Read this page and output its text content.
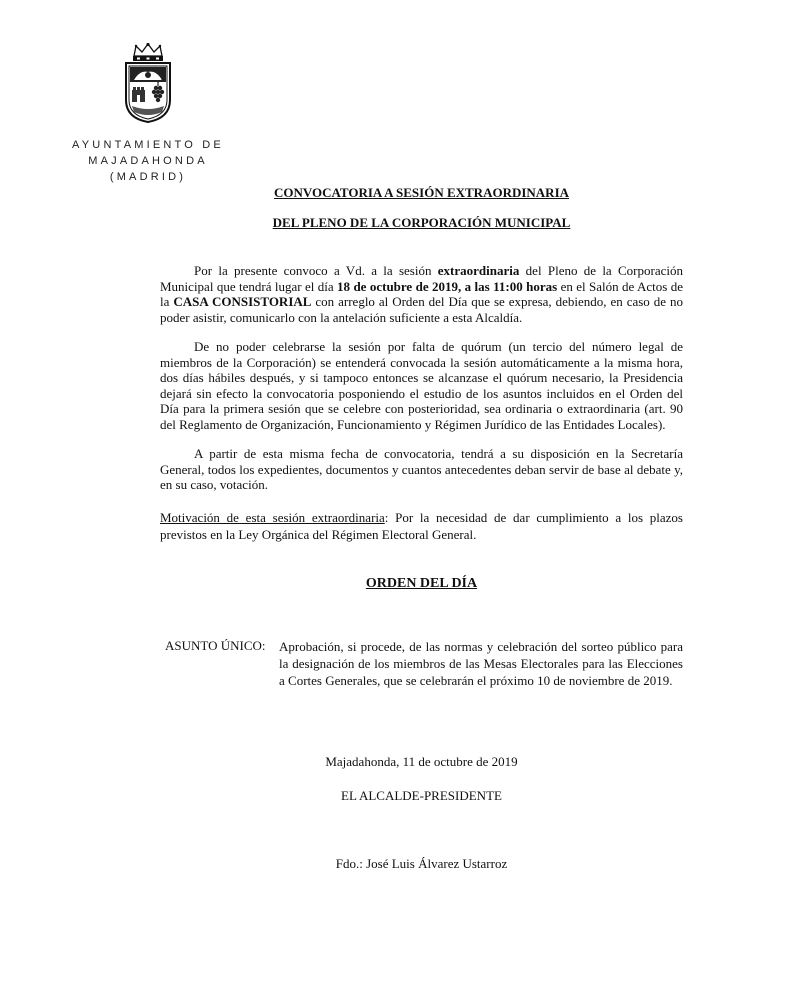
AYUNTAMIENTO DE
MAJADAHONDA
(MADRID)
CONVOCATORIA A SESIÓN EXTRAORDINARIA
DEL PLENO DE LA CORPORACIÓN MUNICIPAL
Por la presente convoco a Vd. a la sesión extraordinaria del Pleno de la Corporación Municipal que tendrá lugar el día 18 de octubre de 2019, a las 11:00 horas en el Salón de Actos de la CASA CONSISTORIAL con arreglo al Orden del Día que se expresa, debiendo, en caso de no poder asistir, comunicarlo con la antelación suficiente a esta Alcaldía.
De no poder celebrarse la sesión por falta de quórum (un tercio del número legal de miembros de la Corporación) se entenderá convocada la sesión automáticamente a la misma hora, dos días hábiles después, y si tampoco entonces se alcanzase el quórum necesario, la Presidencia dejará sin efecto la convocatoria posponiendo el estudio de los asuntos incluidos en el Orden del Día para la primera sesión que se celebre con posterioridad, sea ordinaria o extraordinaria (art. 90 del Reglamento de Organización, Funcionamiento y Régimen Jurídico de las Entidades Locales).
A partir de esta misma fecha de convocatoria, tendrá a su disposición en la Secretaría General, todos los expedientes, documentos y cuantos antecedentes deban servir de base al debate y, en su caso, votación.
Motivación de esta sesión extraordinaria: Por la necesidad de dar cumplimiento a los plazos previstos en la Ley Orgánica del Régimen Electoral General.
ORDEN DEL DÍA
ASUNTO ÚNICO: Aprobación, si procede, de las normas y celebración del sorteo público para la designación de los miembros de las Mesas Electorales para las Elecciones a Cortes Generales, que se celebrarán el próximo 10 de noviembre de 2019.
Majadahonda, 11 de octubre de 2019
EL ALCALDE-PRESIDENTE
Fdo.: José Luis Álvarez Ustarroz
